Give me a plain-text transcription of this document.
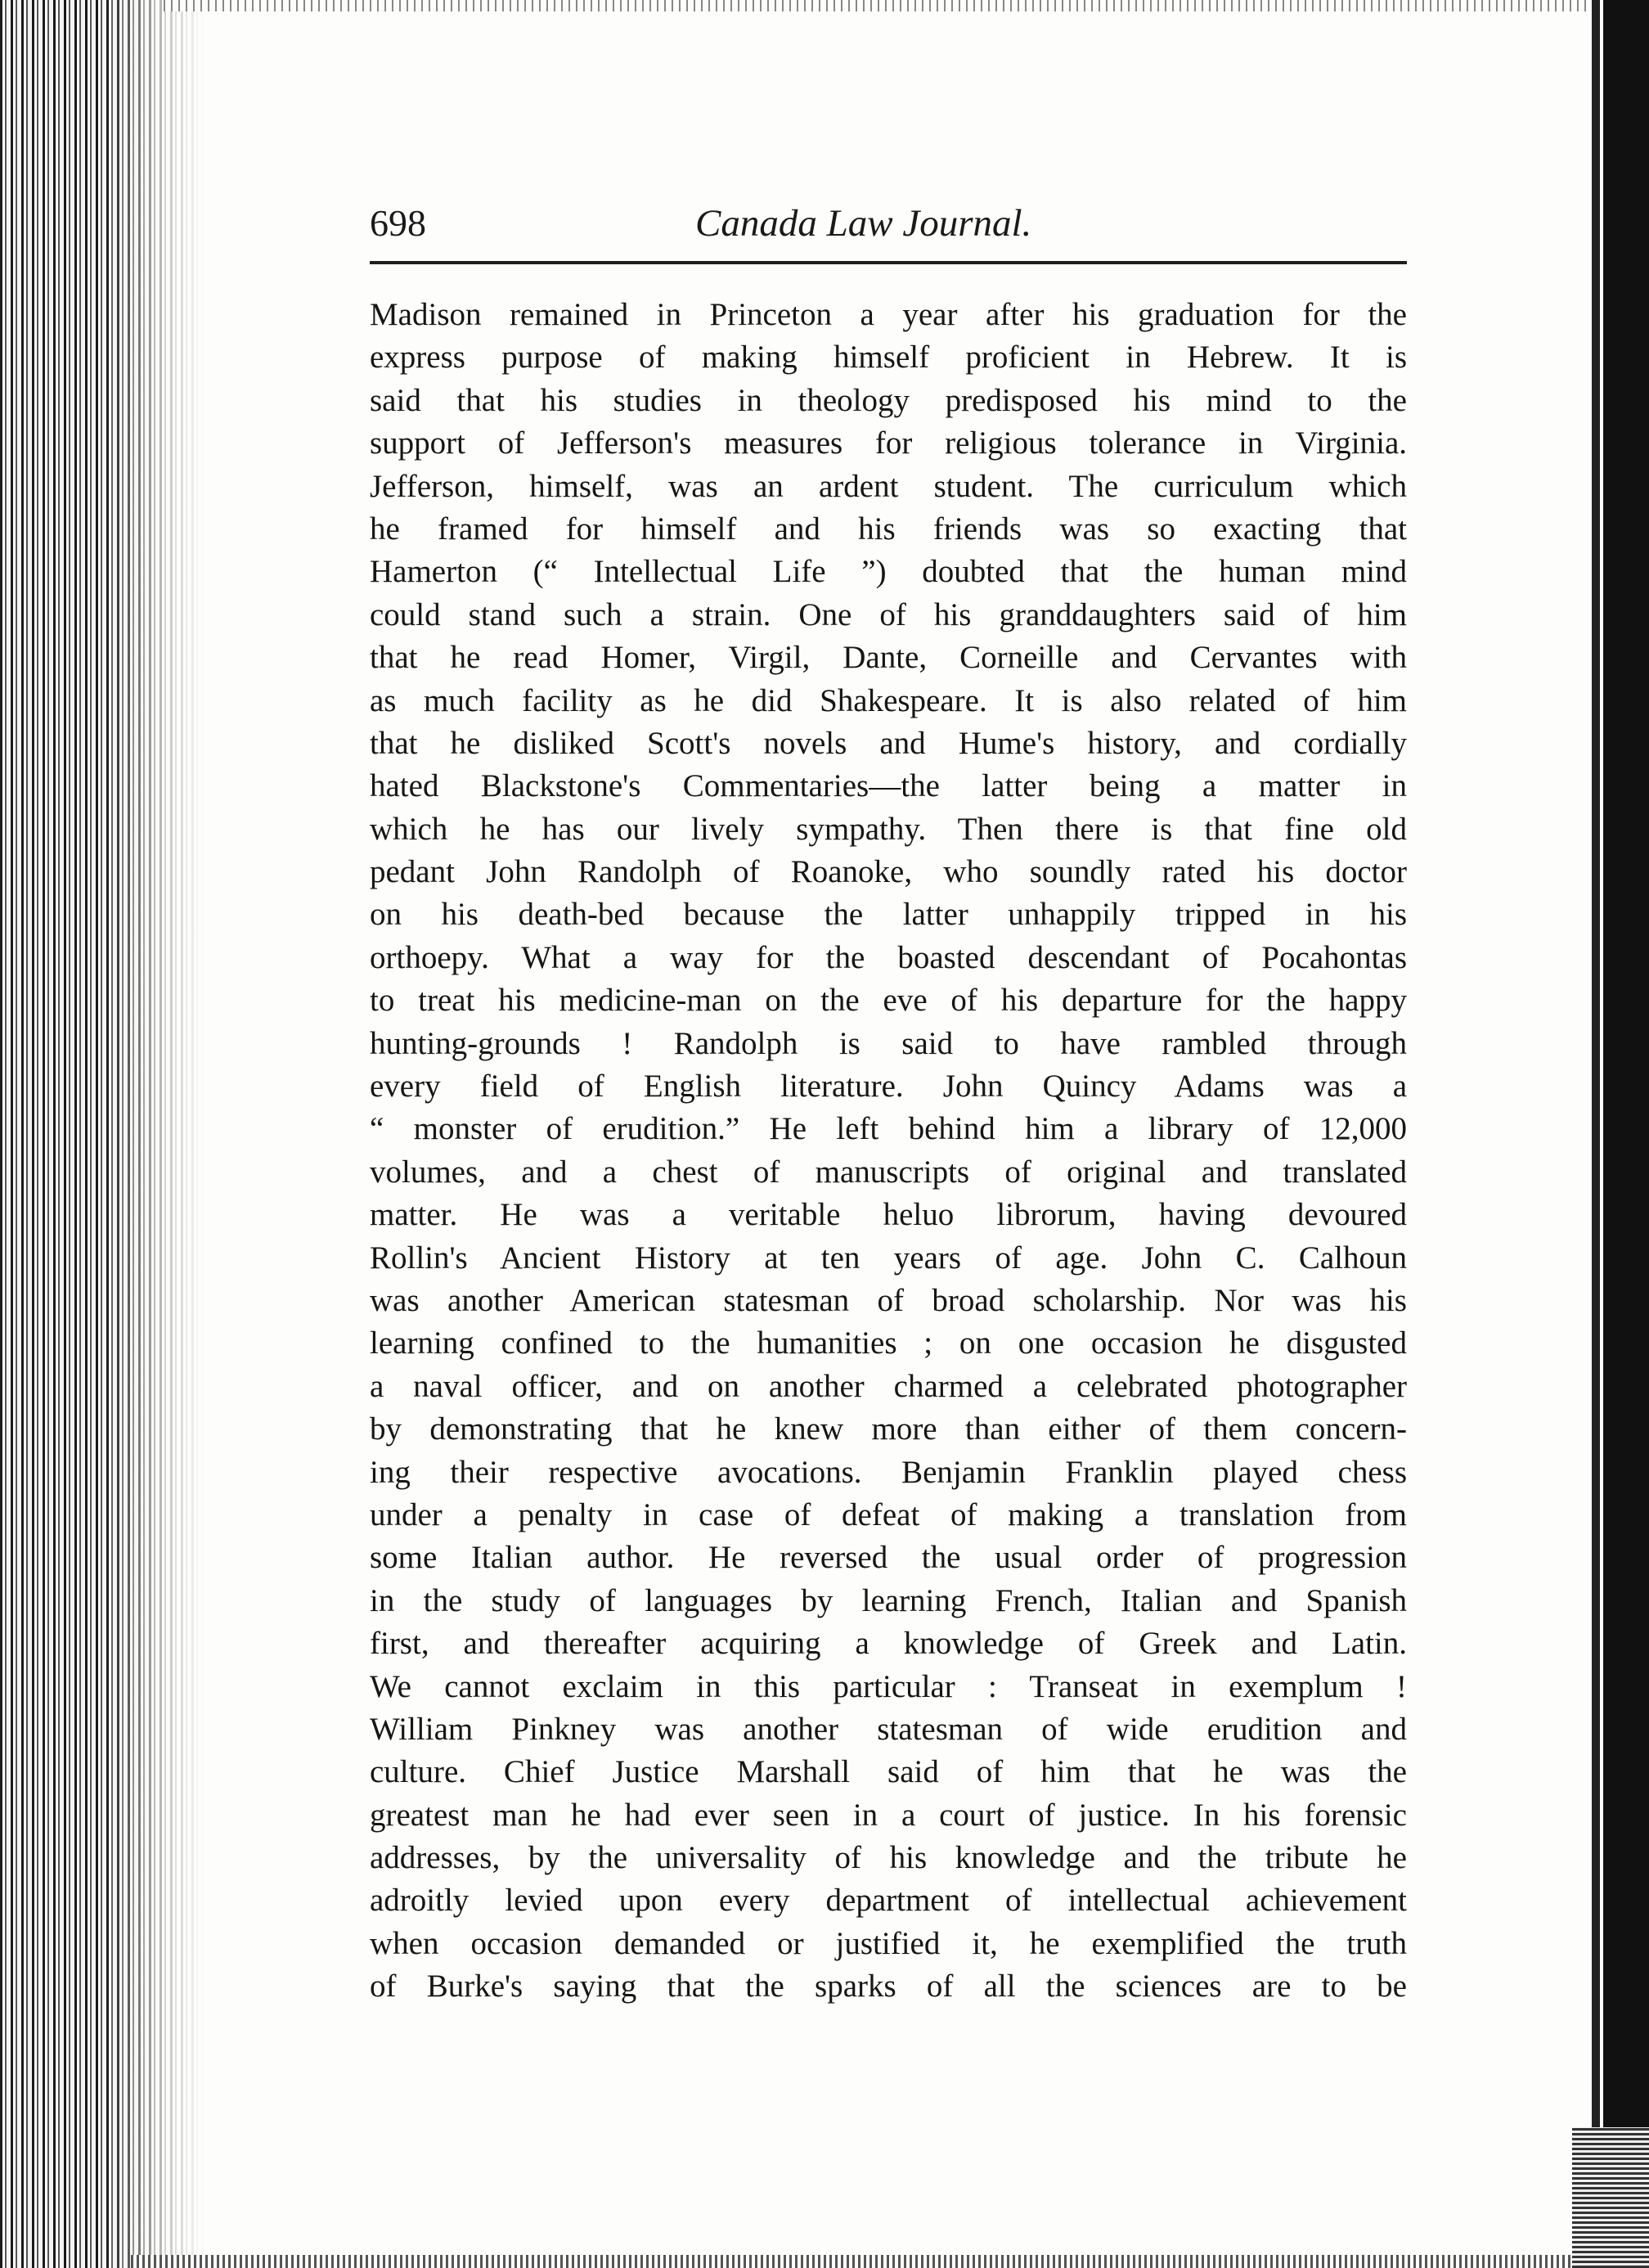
698	Canada Law Journal.
Madison remained in Princeton a year after his graduation for the
express purpose of making himself proficient in Hebrew. It is
said that his studies in theology predisposed his mind to the
support of Jefferson's measures for religious tolerance in Virginia.
Jefferson, himself, was an ardent student. The curriculum which
he framed for himself and his friends was so exacting that
Hamerton (“ Intellectual Life ”) doubted that the human mind
could stand such a strain. One of his granddaughters said of him
that he read Homer, Virgil, Dante, Corneille and Cervantes with
as much facility as he did Shakespeare. It is also related of him
that he disliked Scott's novels and Hume's history, and cordially
hated Blackstone's Commentaries—the latter being a matter in
which he has our lively sympathy. Then there is that fine old
pedant John Randolph of Roanoke, who soundly rated his doctor
on his death-bed because the latter unhappily tripped in his
orthoepy. What a way for the boasted descendant of Pocahontas
to treat his medicine-man on the eve of his departure for the happy
hunting-grounds ! Randolph is said to have rambled through
every field of English literature. John Quincy Adams was a
“ monster of erudition.” He left behind him a library of 12,000
volumes, and a chest of manuscripts of original and translated
matter. He was a veritable heluo librorum, having devoured
Rollin's Ancient History at ten years of age. John C. Calhoun
was another American statesman of broad scholarship. Nor was his
learning confined to the humanities ; on one occasion he disgusted
a naval officer, and on another charmed a celebrated photographer
by demonstrating that he knew more than either of them concern-
ing their respective avocations. Benjamin Franklin played chess
under a penalty in case of defeat of making a translation from
some Italian author. He reversed the usual order of progression
in the study of languages by learning French, Italian and Spanish
first, and thereafter acquiring a knowledge of Greek and Latin.
We cannot exclaim in this particular : Transeat in exemplum !
William Pinkney was another statesman of wide erudition and
culture. Chief Justice Marshall said of him that he was the
greatest man he had ever seen in a court of justice. In his forensic
addresses, by the universality of his knowledge and the tribute he
adroitly levied upon every department of intellectual achievement
when occasion demanded or justified it, he exemplified the truth
of Burke's saying that the sparks of all the sciences are to be
